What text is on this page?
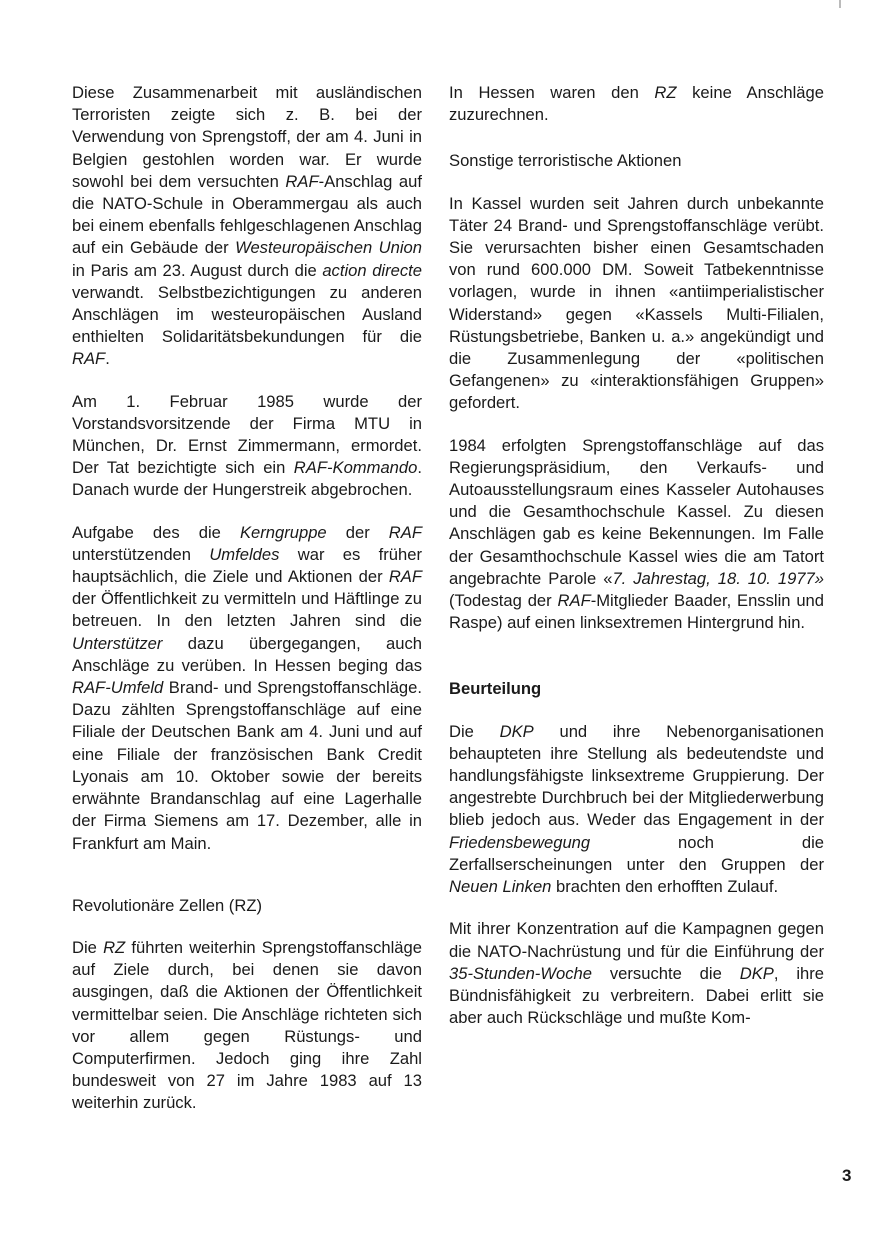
Diese Zusammenarbeit mit ausländischen Terroristen zeigte sich z. B. bei der Verwendung von Sprengstoff, der am 4. Juni in Belgien gestohlen worden war. Er wurde sowohl bei dem versuchten RAF-Anschlag auf die NATO-Schule in Oberammergau als auch bei einem ebenfalls fehlgeschlagenen Anschlag auf ein Gebäude der Westeuropäischen Union in Paris am 23. August durch die action directe verwandt. Selbstbezichtigungen zu anderen Anschlägen im westeuropäischen Ausland enthielten Solidaritätsbekundungen für die RAF.

Am 1. Februar 1985 wurde der Vorstandsvorsitzende der Firma MTU in München, Dr. Ernst Zimmermann, ermordet. Der Tat bezichtigte sich ein RAF-Kommando. Danach wurde der Hungerstreik abgebrochen.

Aufgabe des die Kerngruppe der RAF unterstützenden Umfeldes war es früher hauptsächlich, die Ziele und Aktionen der RAF der Öffentlichkeit zu vermitteln und Häftlinge zu betreuen. In den letzten Jahren sind die Unterstützer dazu übergegangen, auch Anschläge zu verüben. In Hessen beging das RAF-Umfeld Brand- und Sprengstoffanschläge. Dazu zählten Sprengstoffanschläge auf eine Filiale der Deutschen Bank am 4. Juni und auf eine Filiale der französischen Bank Credit Lyonais am 10. Oktober sowie der bereits erwähnte Brandanschlag auf eine Lagerhalle der Firma Siemens am 17. Dezember, alle in Frankfurt am Main.

Revolutionäre Zellen (RZ)

Die RZ führten weiterhin Sprengstoffanschläge auf Ziele durch, bei denen sie davon ausgingen, daß die Aktionen der Öffentlichkeit vermittelbar seien. Die Anschläge richteten sich vor allem gegen Rüstungs- und Computerfirmen. Jedoch ging ihre Zahl bundesweit von 27 im Jahre 1983 auf 13 weiterhin zurück.

In Hessen waren den RZ keine Anschläge zuzurechnen.

Sonstige terroristische Aktionen

In Kassel wurden seit Jahren durch unbekannte Täter 24 Brand- und Sprengstoffanschläge verübt. Sie verursachten bisher einen Gesamtschaden von rund 600.000 DM. Soweit Tatbekenntnisse vorlagen, wurde in ihnen «antiimperialistischer Widerstand» gegen «Kassels Multi-Filialen, Rüstungsbetriebe, Banken u. a.» angekündigt und die Zusammenlegung der «politischen Gefangenen» zu «interaktionsfähigen Gruppen» gefordert.

1984 erfolgten Sprengstoffanschläge auf das Regierungspräsidium, den Verkaufs- und Autoausstellungsraum eines Kasseler Autohauses und die Gesamthochschule Kassel. Zu diesen Anschlägen gab es keine Bekennungen. Im Falle der Gesamthochschule Kassel wies die am Tatort angebrachte Parole «7. Jahrestag, 18. 10. 1977» (Todestag der RAF-Mitglieder Baader, Ensslin und Raspe) auf einen linksextremen Hintergrund hin.

Beurteilung

Die DKP und ihre Nebenorganisationen behaupteten ihre Stellung als bedeutendste und handlungsfähigste linksextreme Gruppierung. Der angestrebte Durchbruch bei der Mitgliederwerbung blieb jedoch aus. Weder das Engagement in der Friedensbewegung noch die Zerfallserscheinungen unter den Gruppen der Neuen Linken brachten den erhofften Zulauf.

Mit ihrer Konzentration auf die Kampagnen gegen die NATO-Nachrüstung und für die Einführung der 35-Stunden-Woche versuchte die DKP, ihre Bündnisfähigkeit zu verbreitern. Dabei erlitt sie aber auch Rückschläge und mußte Kom-

3
